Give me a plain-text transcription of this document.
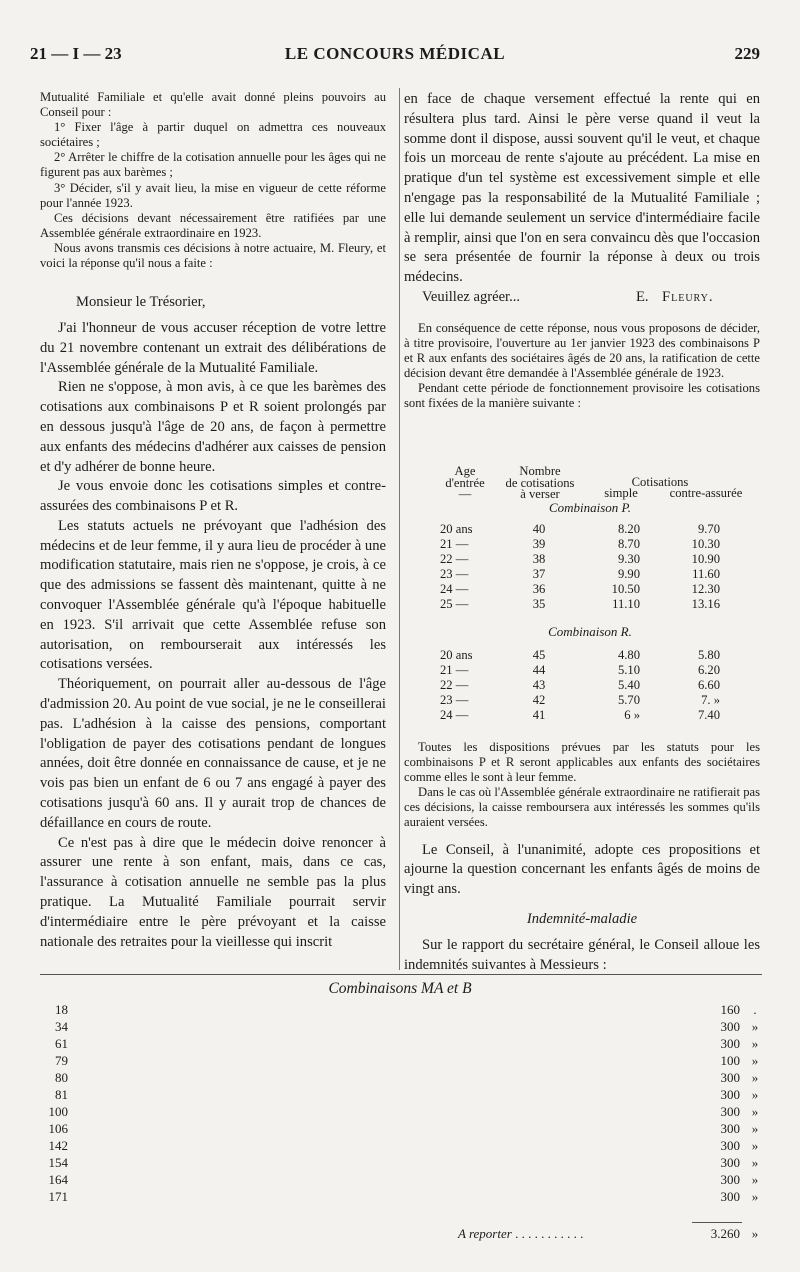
21 — I — 23	LE CONCOURS MÉDICAL	229

Mutualité Familiale et qu'elle avait donné pleins pouvoirs au Conseil pour :

1° Fixer l'âge à partir duquel on admettra ces nouveaux sociétaires ;

2° Arrêter le chiffre de la cotisation annuelle pour les âges qui ne figurent pas aux barèmes ;

3° Décider, s'il y avait lieu, la mise en vigueur de cette réforme pour l'année 1923.

Ces décisions devant nécessairement être ratifiées par une Assemblée générale extraordinaire en 1923.

Nous avons transmis ces décisions à notre actuaire, M. Fleury, et voici la réponse qu'il nous a faite :

Monsieur le Trésorier,

J'ai l'honneur de vous accuser réception de votre lettre du 21 novembre contenant un extrait des délibérations de l'Assemblée générale de la Mutualité Familiale.

Rien ne s'oppose, à mon avis, à ce que les barèmes des cotisations aux combinaisons P et R soient prolongés par en dessous jusqu'à l'âge de 20 ans, de façon à permettre aux enfants des médecins d'adhérer aux caisses de pension et d'y adhérer de bonne heure.

Je vous envoie donc les cotisations simples et contre-assurées des combinaisons P et R.

Les statuts actuels ne prévoyant que l'adhésion des médecins et de leur femme, il y aura lieu de procéder à une modification statutaire, mais rien ne s'oppose, je crois, à ce que des admissions se fassent dès maintenant, quitte à ne convoquer l'Assemblée générale qu'à l'époque habituelle en 1923. S'il arrivait que cette Assemblée refuse son autorisation, on rembourserait aux intéressés les cotisations versées.

Théoriquement, on pourrait aller au-dessous de l'âge d'admission 20. Au point de vue social, je ne le conseillerai pas. L'adhésion à la caisse des pensions, comportant l'obligation de payer des cotisations pendant de longues années, doit être donnée en connaissance de cause, et je ne vois pas bien un enfant de 6 ou 7 ans engagé à payer des cotisations jusqu'à 60 ans. Il y aurait trop de chances de défaillance en cours de route.

Ce n'est pas à dire que le médecin doive renoncer à assurer une rente à son enfant, mais, dans ce cas, l'assurance à cotisation annuelle ne semble pas la plus pratique. La Mutualité Familiale pourrait servir d'intermédiaire entre le père prévoyant et la caisse nationale des retraites pour la vieillesse qui inscrit

en face de chaque versement effectué la rente qui en résultera plus tard. Ainsi le père verse quand il veut la somme dont il dispose, aussi souvent qu'il le veut, et chaque fois un morceau de rente s'ajoute au précédent. La mise en pratique d'un tel système est excessivement simple et elle n'engage pas la responsabilité de la Mutualité Familiale ; elle lui demande seulement un service d'intermédiaire facile à remplir, ainsi que l'on en sera convaincu dès que l'occasion se sera présentée de fournir la réponse à deux ou trois médecins.

Veuillez agréer...	E. Fleury.

En conséquence de cette réponse, nous vous proposons de décider, à titre provisoire, l'ouverture au 1er janvier 1923 des combinaisons P et R aux enfants des sociétaires âgés de 20 ans, la ratification de cette décision devant être demandée à l'Assemblée générale de 1923.

Pendant cette période de fonctionnement provisoire les cotisations sont fixées de la manière suivante :

Age
d'entrée
—
Nombre
de cotisations
à verser
Cotisations
simple	contre-assurée
Combinaison P.
20 ans	40	8.20	9.70
21 —	39	8.70	10.30
22 —	38	9.30	10.90
23 —	37	9.90	11.60
24 —	36	10.50	12.30
25 —	35	11.10	13.16
Combinaison R.
20 ans	45	4.80	5.80
21 —	44	5.10	6.20
22 —	43	5.40	6.60
23 —	42	5.70	7. »
24 —	41	6 »	7.40

Toutes les dispositions prévues par les statuts pour les combinaisons P et R seront applicables aux enfants des sociétaires comme elles le sont à leur femme.

Dans le cas où l'Assemblée générale extraordinaire ne ratifierait pas ces décisions, la caisse remboursera aux intéressés les sommes qu'ils auraient versées.

Le Conseil, à l'unanimité, adopte ces propositions et ajourne la question concernant les enfants âgés de moins de vingt ans.

Indemnité-maladie

Sur le rapport du secrétaire général, le Conseil alloue les indemnités suivantes à Messieurs :

Combinaisons MA et B
18	160	.
34	300 »
61	300 »
79	100 »
80	300 »
81	300 »
100	300 »
106	300 »
142	300 »
154	300 »
164	300 »
171	300 »
A reporter . . .	3.260 »
